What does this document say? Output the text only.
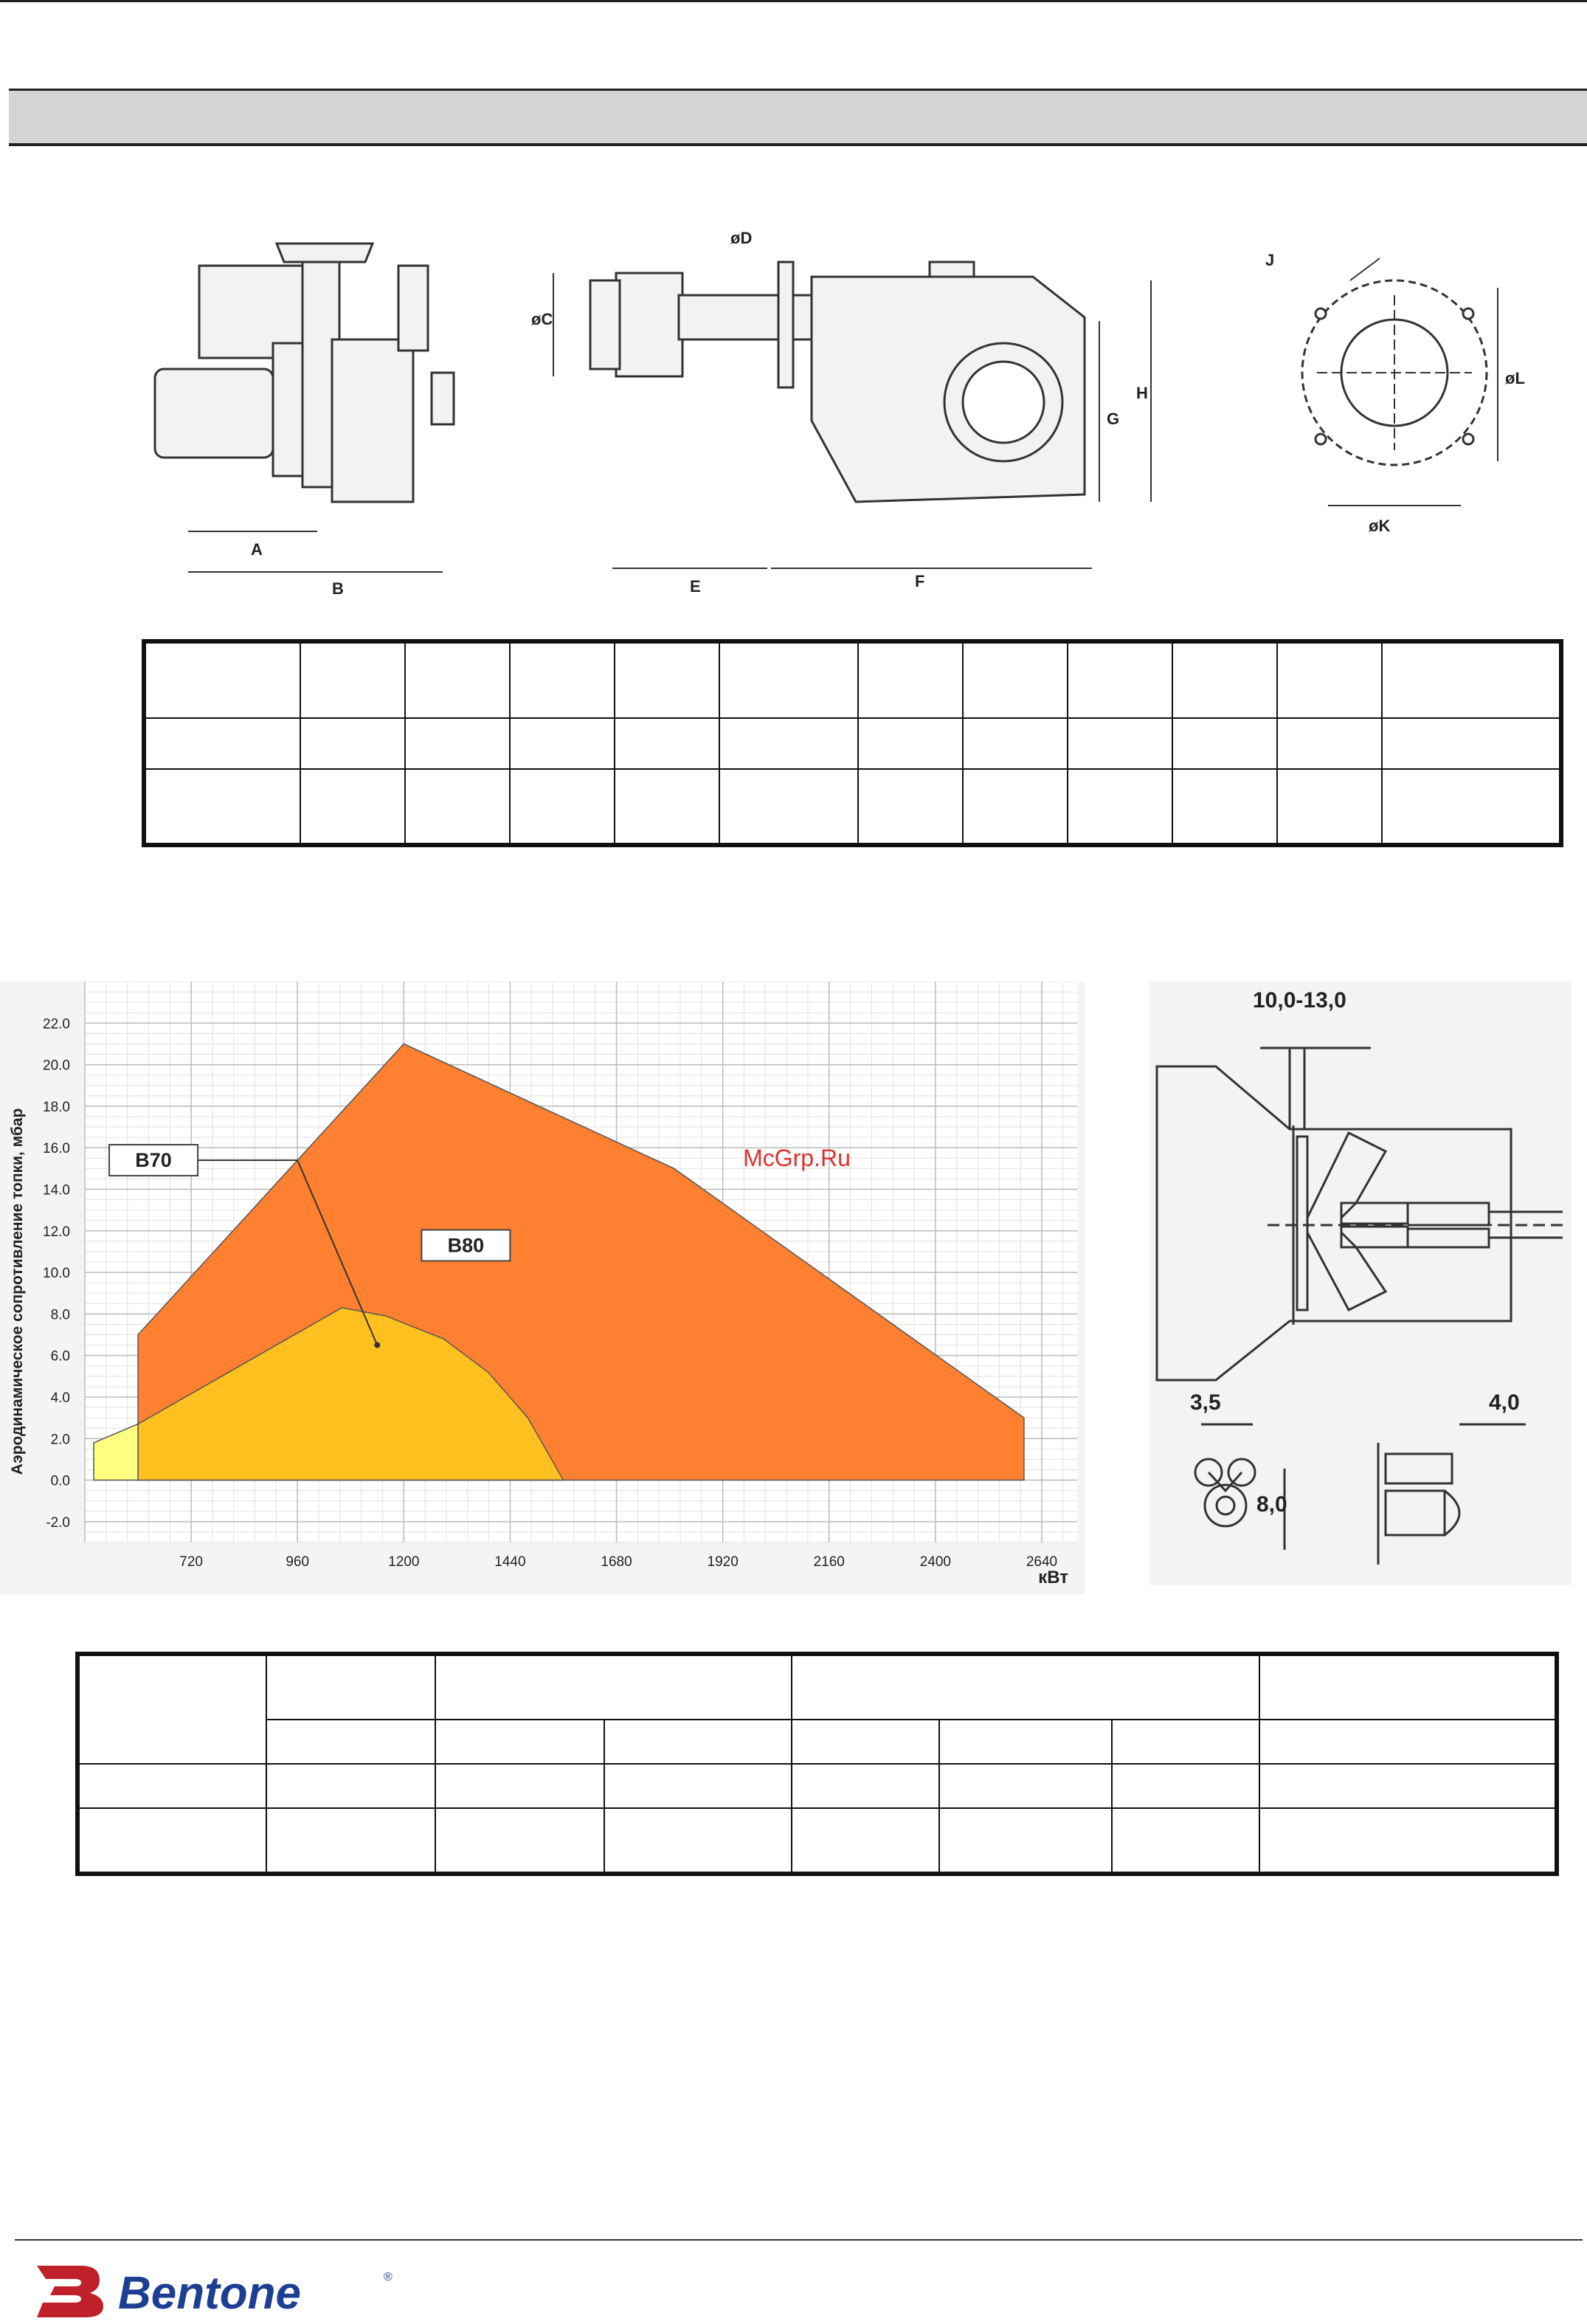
A
B
øC
øD
E	F
G
H
J
øK
øL

720	960	1200	1440	1680	1920	2160	2400	2640
-2.0
0.0
2.0
4.0
6.0
8.0
10.0
12.0
14.0
16.0
18.0
20.0
22.0
B70
B80
кВт
Аэродинамическое сопротивление топки, мбар	McGrp.Ru
10,0-13,0
3,5	4,0
8,0

Bentone	®
